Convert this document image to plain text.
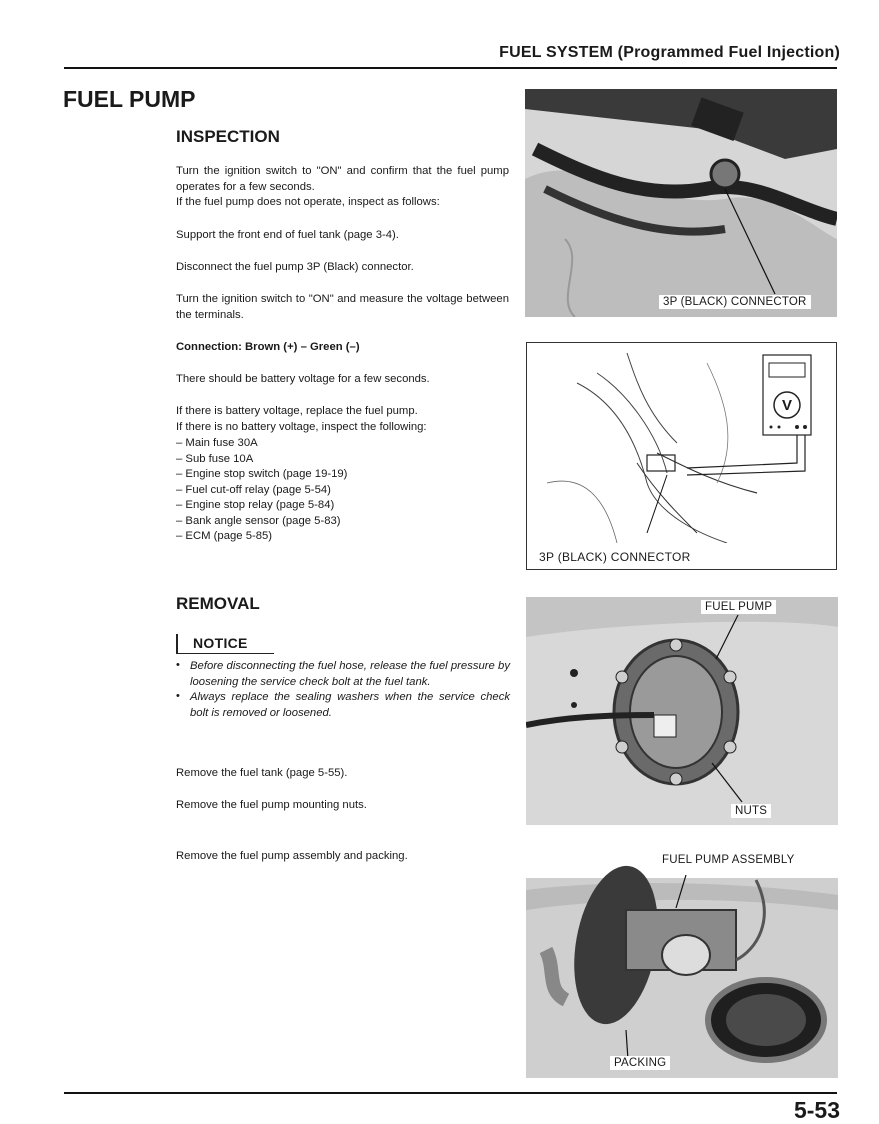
FUEL SYSTEM (Programmed Fuel Injection)
FUEL PUMP
INSPECTION
Turn the ignition switch to "ON" and confirm that the fuel pump operates for a few seconds.
If the fuel pump does not operate, inspect as follows:
Support the front end of fuel tank (page 3-4).
Disconnect the fuel pump 3P (Black) connector.
Turn the ignition switch to "ON" and measure the voltage between the terminals.
Connection: Brown (+) – Green (–)
There should be battery voltage for a few seconds.
If there is battery voltage, replace the fuel pump.
If there is no battery voltage, inspect the following:
– Main fuse 30A
– Sub fuse 10A
– Engine stop switch (page 19-19)
– Fuel cut-off relay (page 5-54)
– Engine stop relay (page 5-84)
– Bank angle sensor (page 5-83)
– ECM (page 5-85)
REMOVAL
NOTICE
• Before disconnecting the fuel hose, release the fuel pressure by loosening the service check bolt at the fuel tank.
• Always replace the sealing washers when the service check bolt is removed or loosened.
Remove the fuel tank (page 5-55).
Remove the fuel pump mounting nuts.
Remove the fuel pump assembly and packing.
3P (BLACK) CONNECTOR
V
3P (BLACK) CONNECTOR
FUEL PUMP
NUTS
FUEL PUMP ASSEMBLY
PACKING
5-53
